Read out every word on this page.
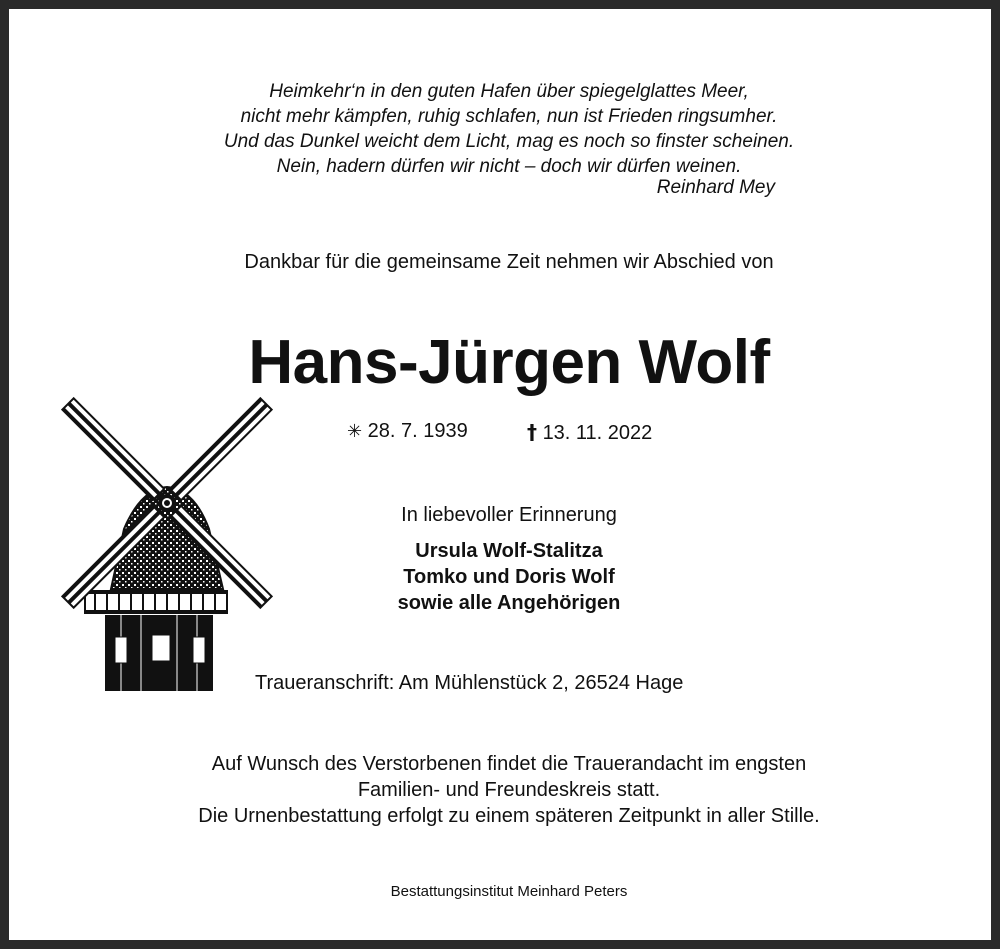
Heimkehr‘n in den guten Hafen über spiegelglattes Meer,
nicht mehr kämpfen, ruhig schlafen, nun ist Frieden ringsumher.
Und das Dunkel weicht dem Licht, mag es noch so finster scheinen.
Nein, hadern dürfen wir nicht – doch wir dürfen weinen.
Reinhard Mey
Dankbar für die gemeinsame Zeit nehmen wir Abschied von
Hans-Jürgen Wolf
✳ 28. 7. 1939	† 13. 11. 2022
In liebevoller Erinnerung
Ursula Wolf-Stalitza
Tomko und Doris Wolf
sowie alle Angehörigen
Traueranschrift: Am Mühlenstück 2, 26524 Hage
Auf Wunsch des Verstorbenen findet die Trauerandacht im engsten
Familien- und Freundeskreis statt.
Die Urnenbestattung erfolgt zu einem späteren Zeitpunkt in aller Stille.
Bestattungsinstitut Meinhard Peters
